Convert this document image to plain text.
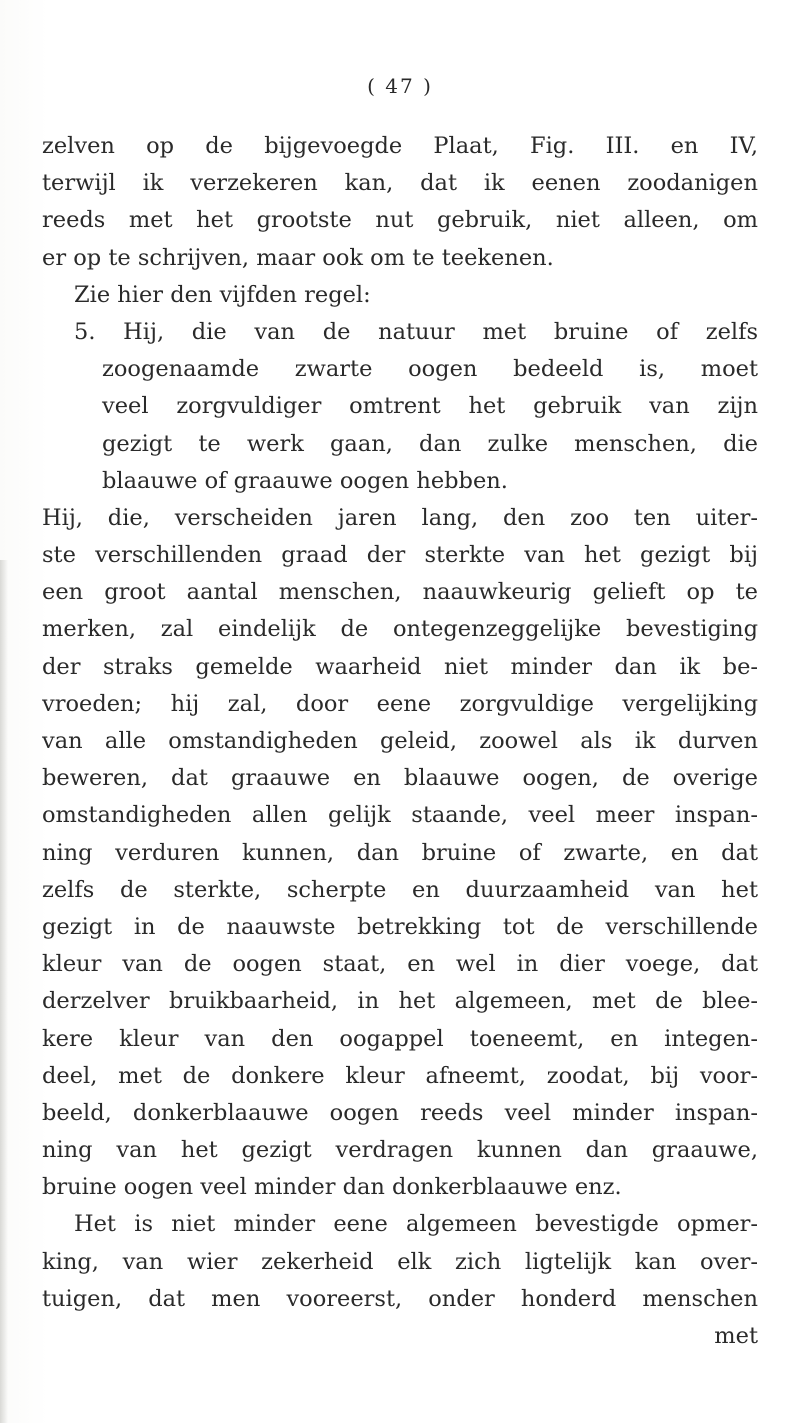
( 47 )
zelven op de bijgevoegde Plaat, Fig. III. en IV,
terwijl ik verzekeren kan, dat ik eenen zoodanigen
reeds met het grootste nut gebruik, niet alleen, om
er op te schrijven, maar ook om te teekenen.
Zie hier den vijfden regel:
5. Hij, die van de natuur met bruine of zelfs
zoogenaamde zwarte oogen bedeeld is, moet
veel zorgvuldiger omtrent het gebruik van zijn
gezigt te werk gaan, dan zulke menschen, die
blaauwe of graauwe oogen hebben.
Hij, die, verscheiden jaren lang, den zoo ten uiter-
ste verschillenden graad der sterkte van het gezigt bij
een groot aantal menschen, naauwkeurig gelieft op te
merken, zal eindelijk de ontegenzeggelijke bevestiging
der straks gemelde waarheid niet minder dan ik be-
vroeden; hij zal, door eene zorgvuldige vergelijking
van alle omstandigheden geleid, zoowel als ik durven
beweren, dat graauwe en blaauwe oogen, de overige
omstandigheden allen gelijk staande, veel meer inspan-
ning verduren kunnen, dan bruine of zwarte, en dat
zelfs de sterkte, scherpte en duurzaamheid van het
gezigt in de naauwste betrekking tot de verschillende
kleur van de oogen staat, en wel in dier voege, dat
derzelver bruikbaarheid, in het algemeen, met de blee-
kere kleur van den oogappel toeneemt, en integen-
deel, met de donkere kleur afneemt, zoodat, bij voor-
beeld, donkerblaauwe oogen reeds veel minder inspan-
ning van het gezigt verdragen kunnen dan graauwe,
bruine oogen veel minder dan donkerblaauwe enz.
Het is niet minder eene algemeen bevestigde opmer-
king, van wier zekerheid elk zich ligtelijk kan over-
tuigen, dat men vooreerst, onder honderd menschen
met
